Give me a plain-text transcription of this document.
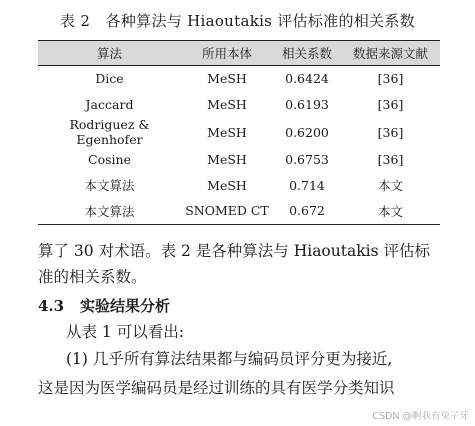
表 2　各种算法与 Hiaoutakis 评估标准的相关系数
算法	所用本体	相关系数	数据来源文献
Dice	MeSH	0.6424	[36]
Jaccard	MeSH	0.6193	[36]
Rodriguez & Egenhofer	MeSH	0.6200	[36]
Cosine	MeSH	0.6753	[36]
本文算法	MeSH	0.714	本文
本文算法	SNOMED CT	0.672	本文
算了 30 对术语。表 2 是各种算法与 Hiaoutakis 评估标
准的相关系数。
4.3 实验结果分析
从表 1 可以看出:
(1) 几乎所有算法结果都与编码员评分更为接近,
这是因为医学编码员是经过训练的具有医学分类知识
CSDN @啊我有兔子牙
